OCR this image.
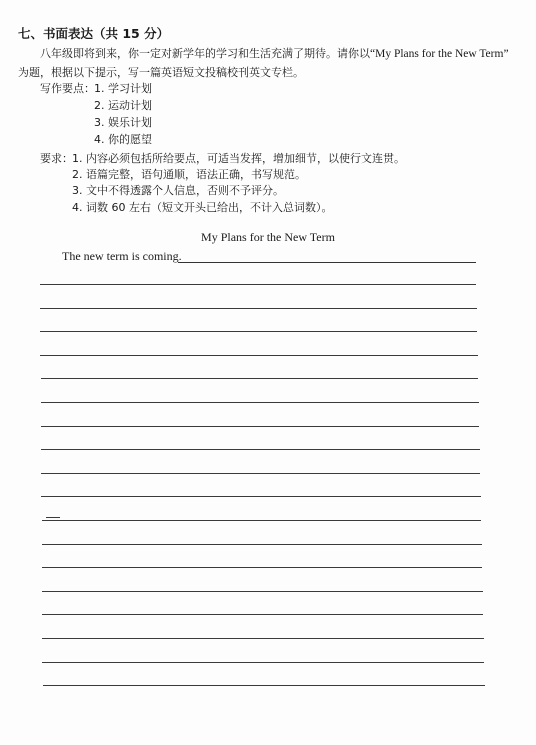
七、书面表达（共 15 分）
八年级即将到来，你一定对新学年的学习和生活充满了期待。请你以“My Plans for the New Term”
为题，根据以下提示，写一篇英语短文投稿校刊英文专栏。
写作要点： 1. 学习计划
2. 运动计划
3. 娱乐计划
4. 你的愿望
要求： 1. 内容必须包括所给要点，可适当发挥，增加细节，以使行文连贯。
2. 语篇完整，语句通顺，语法正确，书写规范。
3. 文中不得透露个人信息，否则不予评分。
4. 词数 60 左右（短文开头已给出，不计入总词数）。
My Plans for the New Term
The new term is coming.
